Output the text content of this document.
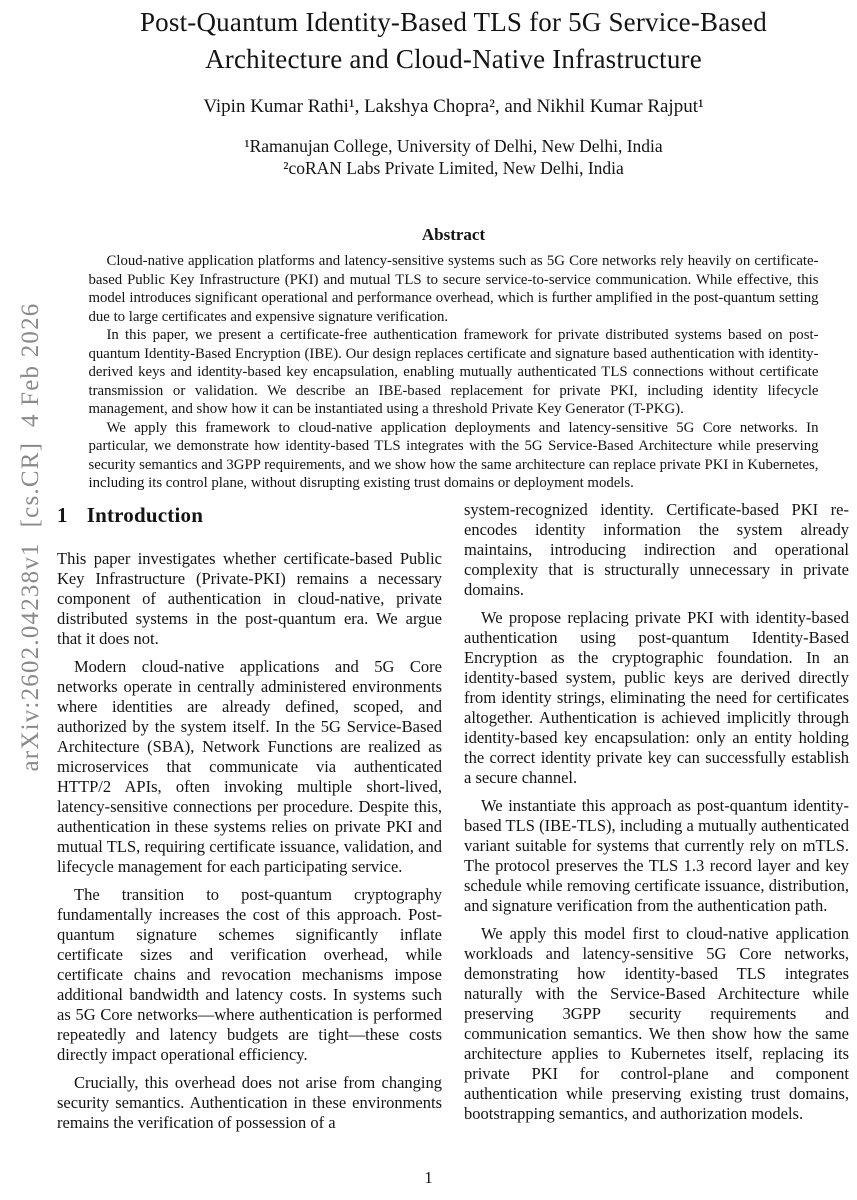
arXiv:2602.04238v1  [cs.CR]  4 Feb 2026
Post-Quantum Identity-Based TLS for 5G Service-Based
Architecture and Cloud-Native Infrastructure
Vipin Kumar Rathi¹, Lakshya Chopra², and Nikhil Kumar Rajput¹
¹Ramanujan College, University of Delhi, New Delhi, India
²coRAN Labs Private Limited, New Delhi, India
Abstract

Cloud-native application platforms and latency-sensitive systems such as 5G Core networks rely heavily on certificate-based Public Key Infrastructure (PKI) and mutual TLS to secure service-to-service communication. While effective, this model introduces significant operational and performance overhead, which is further amplified in the post-quantum setting due to large certificates and expensive signature verification.

In this paper, we present a certificate-free authentication framework for private distributed systems based on post-quantum Identity-Based Encryption (IBE). Our design replaces certificate and signature based authentication with identity-derived keys and identity-based key encapsulation, enabling mutually authenticated TLS connections without certificate transmission or validation. We describe an IBE-based replacement for private PKI, including identity lifecycle management, and show how it can be instantiated using a threshold Private Key Generator (T-PKG).

We apply this framework to cloud-native application deployments and latency-sensitive 5G Core networks. In particular, we demonstrate how identity-based TLS integrates with the 5G Service-Based Architecture while preserving security semantics and 3GPP requirements, and we show how the same architecture can replace private PKI in Kubernetes, including its control plane, without disrupting existing trust domains or deployment models.

1 Introduction

This paper investigates whether certificate-based Public Key Infrastructure (Private-PKI) remains a necessary component of authentication in cloud-native, private distributed systems in the post-quantum era. We argue that it does not.

Modern cloud-native applications and 5G Core networks operate in centrally administered environments where identities are already defined, scoped, and authorized by the system itself. In the 5G Service-Based Architecture (SBA), Network Functions are realized as microservices that communicate via authenticated HTTP/2 APIs, often invoking multiple short-lived, latency-sensitive connections per procedure. Despite this, authentication in these systems relies on private PKI and mutual TLS, requiring certificate issuance, validation, and lifecycle management for each participating service.

The transition to post-quantum cryptography fundamentally increases the cost of this approach. Post-quantum signature schemes significantly inflate certificate sizes and verification overhead, while certificate chains and revocation mechanisms impose additional bandwidth and latency costs. In systems such as 5G Core networks—where authentication is performed repeatedly and latency budgets are tight—these costs directly impact operational efficiency.

Crucially, this overhead does not arise from changing security semantics. Authentication in these environments remains the verification of possession of a

system-recognized identity. Certificate-based PKI re-encodes identity information the system already maintains, introducing indirection and operational complexity that is structurally unnecessary in private domains.

We propose replacing private PKI with identity-based authentication using post-quantum Identity-Based Encryption as the cryptographic foundation. In an identity-based system, public keys are derived directly from identity strings, eliminating the need for certificates altogether. Authentication is achieved implicitly through identity-based key encapsulation: only an entity holding the correct identity private key can successfully establish a secure channel.

We instantiate this approach as post-quantum identity-based TLS (IBE-TLS), including a mutually authenticated variant suitable for systems that currently rely on mTLS. The protocol preserves the TLS 1.3 record layer and key schedule while removing certificate issuance, distribution, and signature verification from the authentication path.

We apply this model first to cloud-native application workloads and latency-sensitive 5G Core networks, demonstrating how identity-based TLS integrates naturally with the Service-Based Architecture while preserving 3GPP security requirements and communication semantics. We then show how the same architecture applies to Kubernetes itself, replacing its private PKI for control-plane and component authentication while preserving existing trust domains, bootstrapping semantics, and authorization models.

1
